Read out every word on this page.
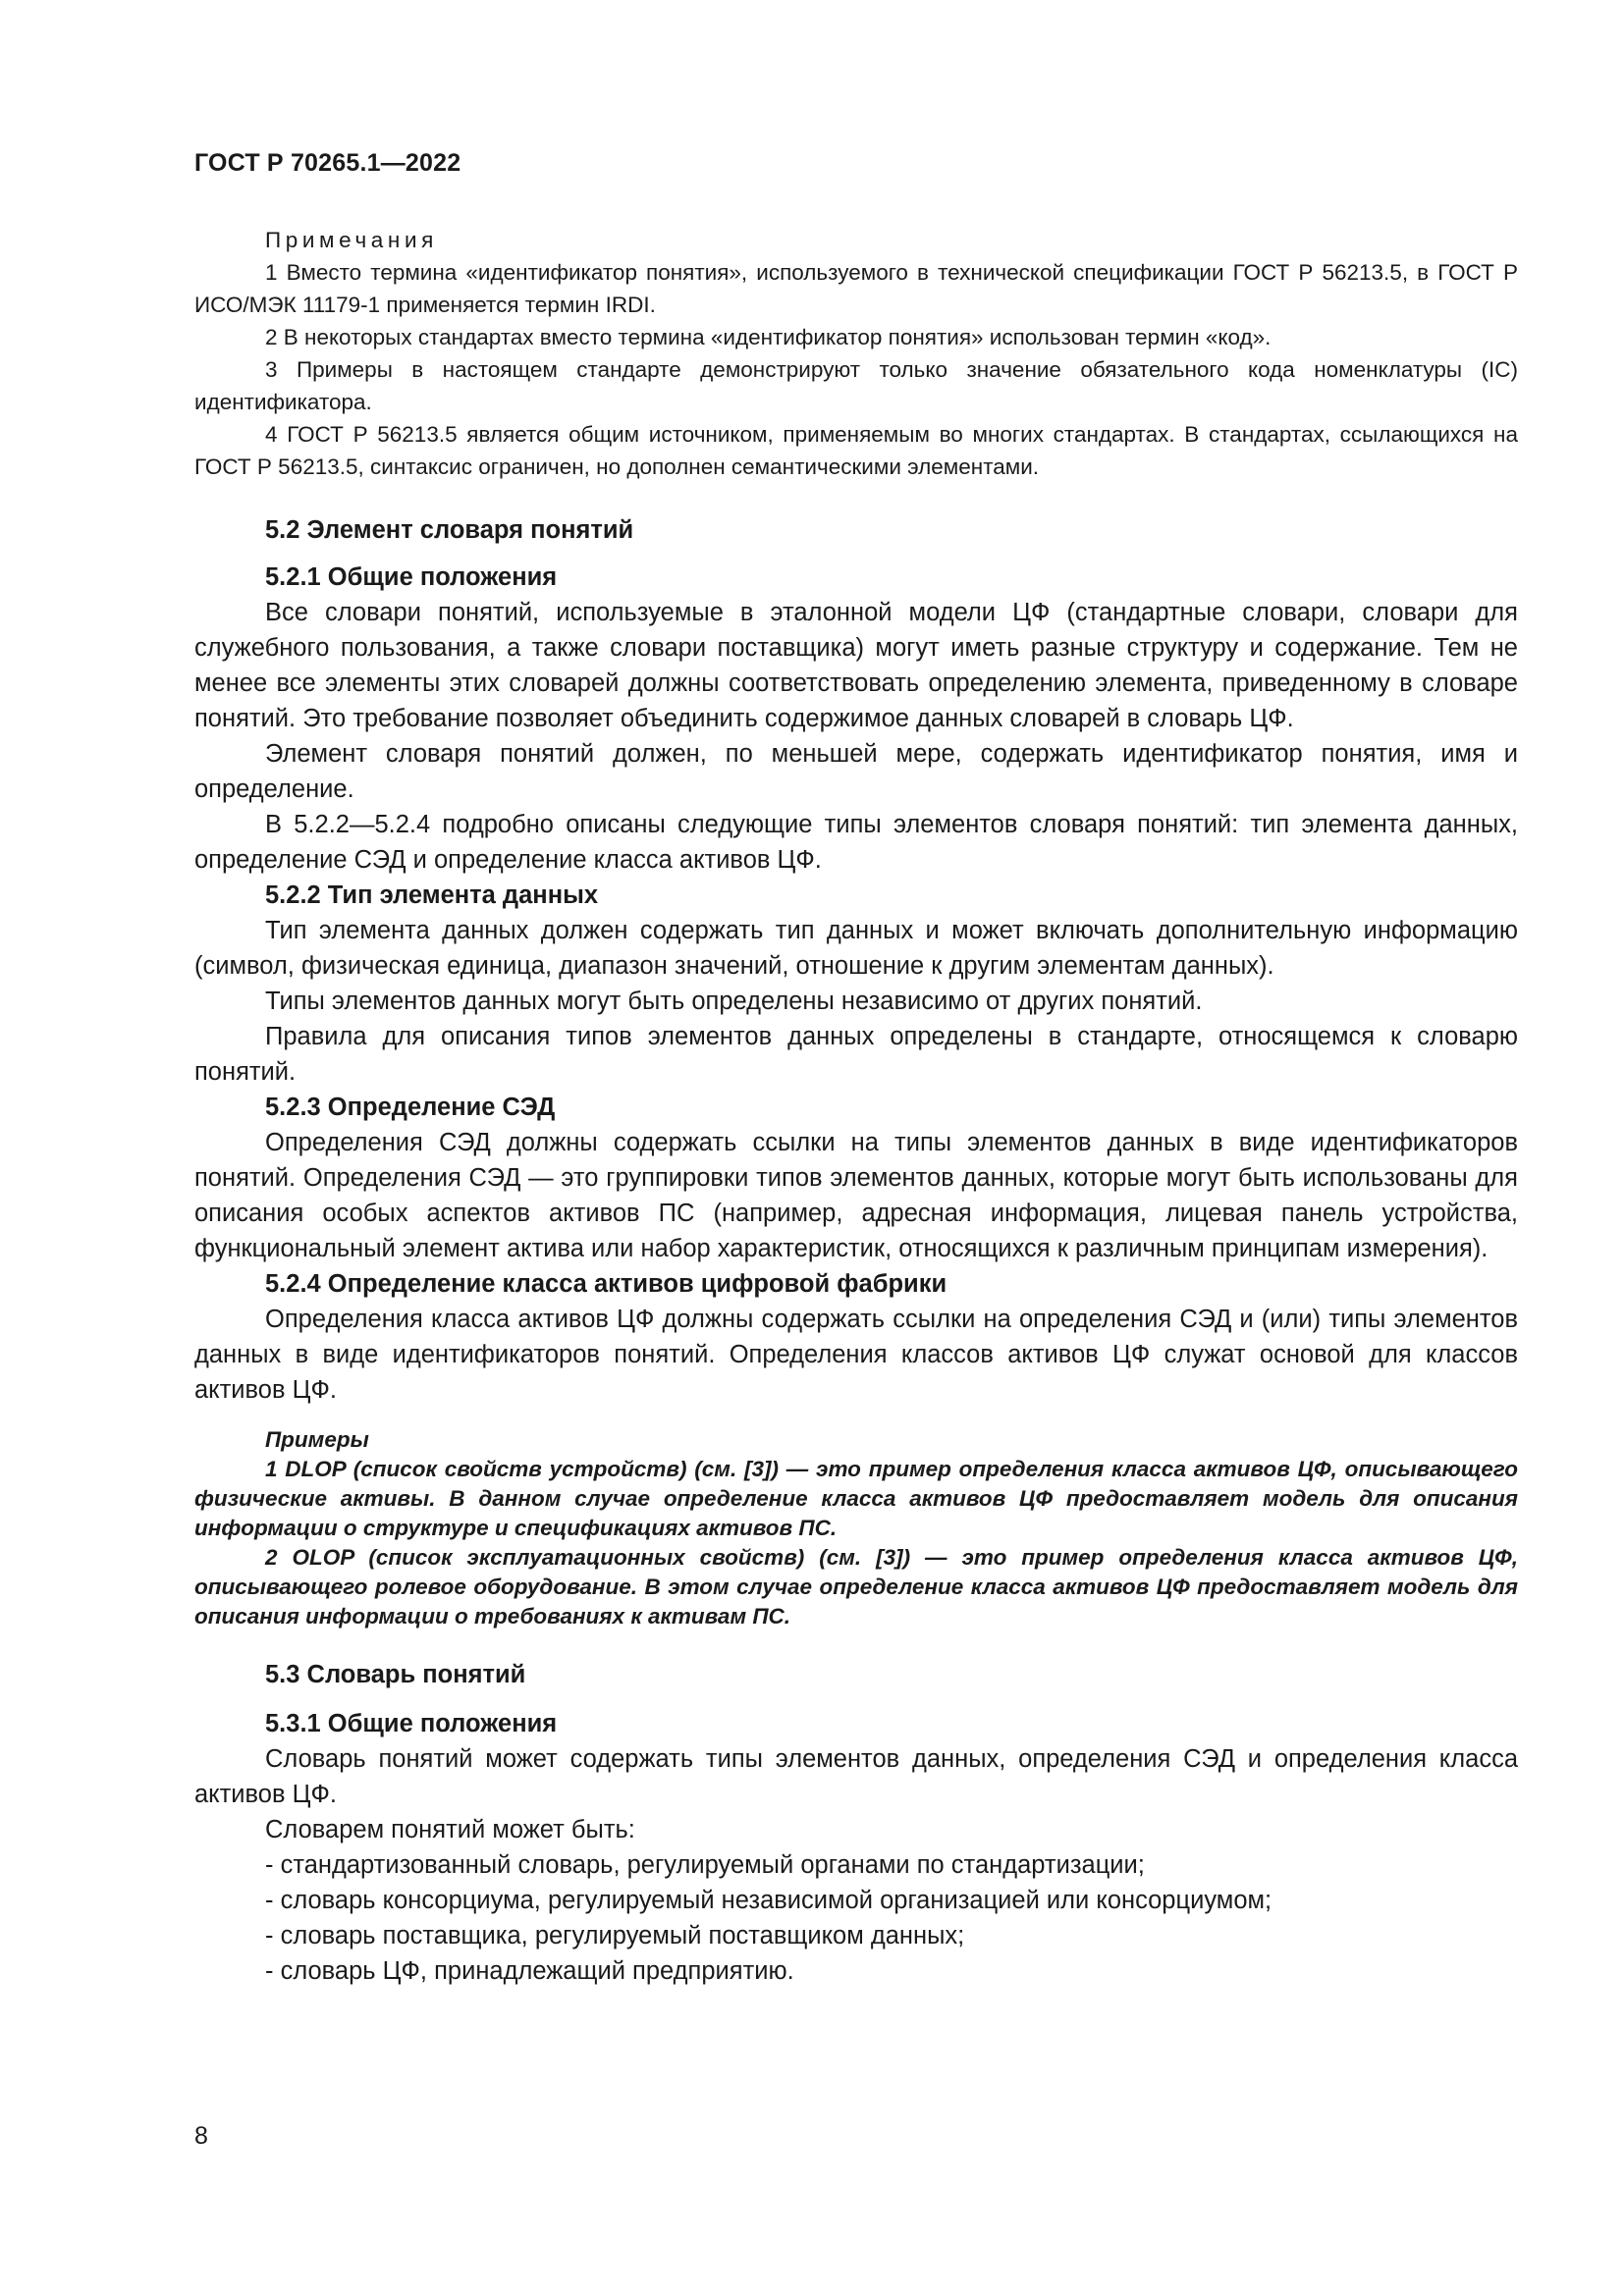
ГОСТ Р 70265.1—2022
Примечания

1 Вместо термина «идентификатор понятия», используемого в технической спецификации ГОСТ Р 56213.5, в ГОСТ Р ИСО/МЭК 11179-1 применяется термин IRDI.

2 В некоторых стандартах вместо термина «идентификатор понятия» использован термин «код».

3 Примеры в настоящем стандарте демонстрируют только значение обязательного кода номенклатуры (IC) идентификатора.

4 ГОСТ Р 56213.5 является общим источником, применяемым во многих стандартах. В стандартах, ссылающихся на ГОСТ Р 56213.5, синтаксис ограничен, но дополнен семантическими элементами.

5.2 Элемент словаря понятий
5.2.1 Общие положения

Все словари понятий, используемые в эталонной модели ЦФ (стандартные словари, словари для служебного пользования, а также словари поставщика) могут иметь разные структуру и содержание. Тем не менее все элементы этих словарей должны соответствовать определению элемента, приведенному в словаре понятий. Это требование позволяет объединить содержимое данных словарей в словарь ЦФ.

Элемент словаря понятий должен, по меньшей мере, содержать идентификатор понятия, имя и определение.

В 5.2.2—5.2.4 подробно описаны следующие типы элементов словаря понятий: тип элемента данных, определение СЭД и определение класса активов ЦФ.

5.2.2 Тип элемента данных

Тип элемента данных должен содержать тип данных и может включать дополнительную информацию (символ, физическая единица, диапазон значений, отношение к другим элементам данных).

Типы элементов данных могут быть определены независимо от других понятий.

Правила для описания типов элементов данных определены в стандарте, относящемся к словарю понятий.

5.2.3 Определение СЭД

Определения СЭД должны содержать ссылки на типы элементов данных в виде идентификаторов понятий. Определения СЭД — это группировки типов элементов данных, которые могут быть использованы для описания особых аспектов активов ПС (например, адресная информация, лицевая панель устройства, функциональный элемент актива или набор характеристик, относящихся к различным принципам измерения).

5.2.4 Определение класса активов цифровой фабрики

Определения класса активов ЦФ должны содержать ссылки на определения СЭД и (или) типы элементов данных в виде идентификаторов понятий. Определения классов активов ЦФ служат основой для классов активов ЦФ.

Примеры

1 DLOP (список свойств устройств) (см. [3]) — это пример определения класса активов ЦФ, описывающего физические активы. В данном случае определение класса активов ЦФ предоставляет модель для описания информации о структуре и спецификациях активов ПС.

2 OLOP (список эксплуатационных свойств) (см. [3]) — это пример определения класса активов ЦФ, описывающего ролевое оборудование. В этом случае определение класса активов ЦФ предоставляет модель для описания информации о требованиях к активам ПС.

5.3 Словарь понятий
5.3.1 Общие положения

Словарь понятий может содержать типы элементов данных, определения СЭД и определения класса активов ЦФ.

Словарем понятий может быть:

- стандартизованный словарь, регулируемый органами по стандартизации;
- словарь консорциума, регулируемый независимой организацией или консорциумом;
- словарь поставщика, регулируемый поставщиком данных;
- словарь ЦФ, принадлежащий предприятию.
8
